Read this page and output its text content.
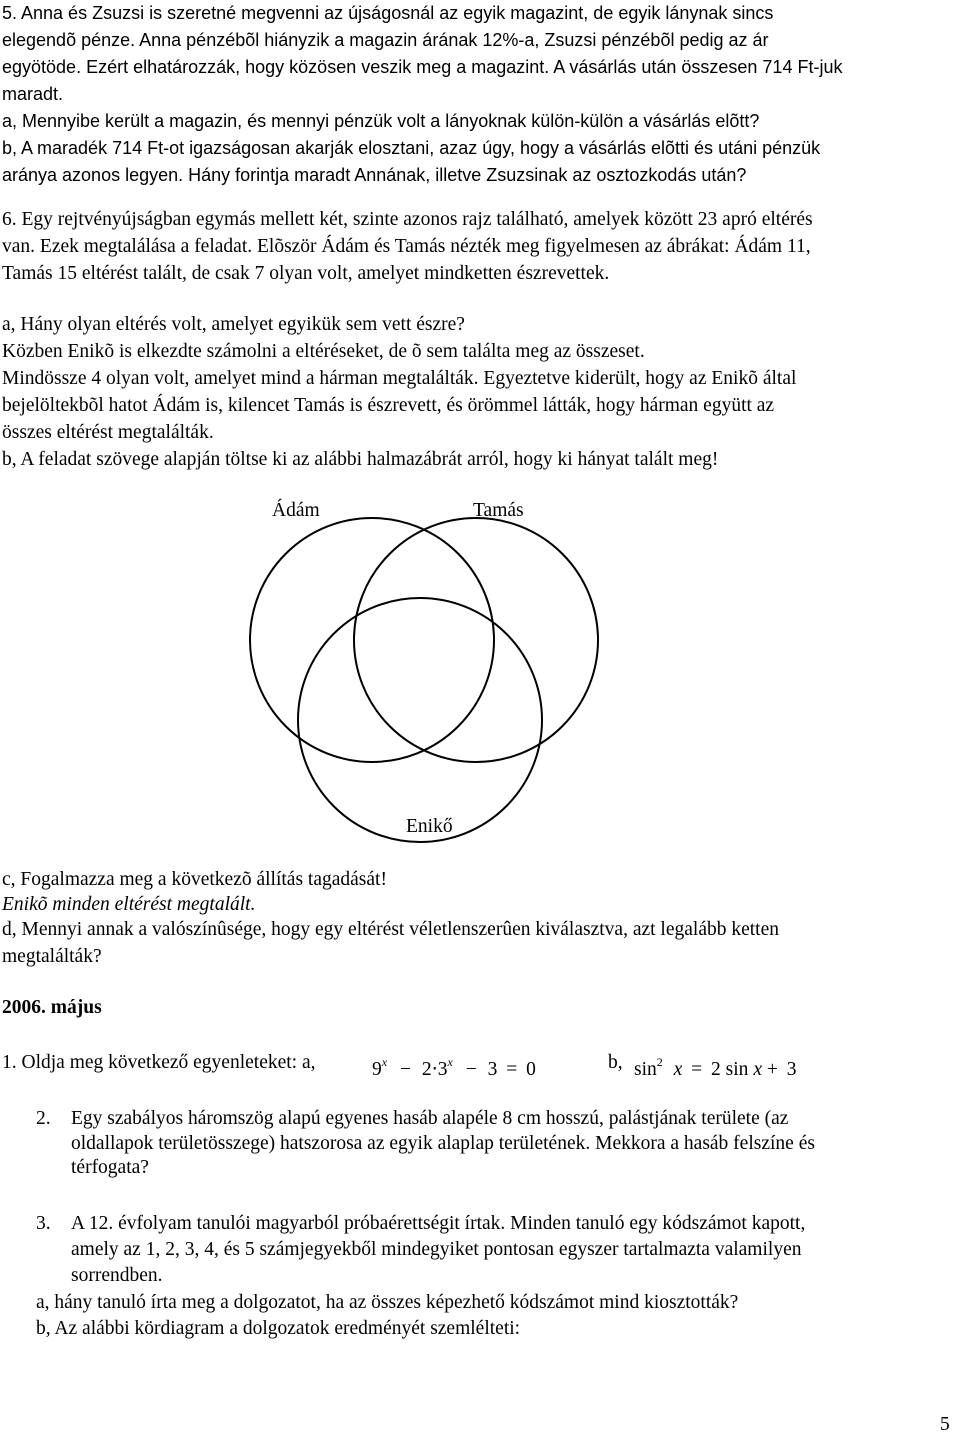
5. Anna és Zsuzsi is szeretné megvenni az újságosnál az egyik magazint, de egyik lánynak sincs
elegendõ pénze. Anna pénzébõl hiányzik a magazin árának 12%-a, Zsuzsi pénzébõl pedig az ár
egyötöde. Ezért elhatározzák, hogy közösen veszik meg a magazint. A vásárlás után összesen 714 Ft-juk
maradt.
a, Mennyibe került a magazin, és mennyi pénzük volt a lányoknak külön-külön a vásárlás elõtt?
b, A maradék 714 Ft-ot igazságosan akarják elosztani, azaz úgy, hogy a vásárlás elõtti és utáni pénzük
aránya azonos legyen. Hány forintja maradt Annának, illetve Zsuzsinak az osztozkodás után?
6. Egy rejtvényújságban egymás mellett két, szinte azonos rajz található, amelyek között 23 apró eltérés
van. Ezek megtalálása a feladat. Elõször Ádám és Tamás nézték meg figyelmesen az ábrákat: Ádám 11,
Tamás 15 eltérést talált, de csak 7 olyan volt, amelyet mindketten észrevettek.
a, Hány olyan eltérés volt, amelyet egyikük sem vett észre?
Közben Enikõ is elkezdte számolni a eltéréseket, de õ sem találta meg az összeset.
Mindössze 4 olyan volt, amelyet mind a hárman megtalálták. Egyeztetve kiderült, hogy az Enikõ által
bejelöltekbõl hatot Ádám is, kilencet Tamás is észrevett, és örömmel látták, hogy hárman együtt az
összes eltérést megtalálták.
b, A feladat szövege alapján töltse ki az alábbi halmazábrát arról, hogy ki hányat talált meg!
Ádám	Tamás
Enikő
c, Fogalmazza meg a következõ állítás tagadását!
Enikõ minden eltérést megtalált.
d, Mennyi annak a valószínûsége, hogy egy eltérést véletlenszerûen kiválasztva, azt legalább ketten
megtalálták?
2006. május
1. Oldja meg következő egyenleteket: a,	$9^x - 2\cdot 3^x - 3 = 0$	b, $\sin^2 x = 2$ sin x + 3
2. Egy szabályos háromszög alapú egyenes hasáb alapéle 8 cm hosszú, palástjának területe (az
oldallapok területösszege) hatszorosa az egyik alaplap területének. Mekkora a hasáb felszíne és
térfogata?
3. A 12. évfolyam tanulói magyarból próbaérettségit írtak. Minden tanuló egy kódszámot kapott,
amely az 1, 2, 3, 4, és 5 számjegyekből mindegyiket pontosan egyszer tartalmazta valamilyen
sorrendben.
a, hány tanuló írta meg a dolgozatot, ha az összes képezhető kódszámot mind kiosztották?
b, Az alábbi kördiagram a dolgozatok eredményét szemlélteti:
5
